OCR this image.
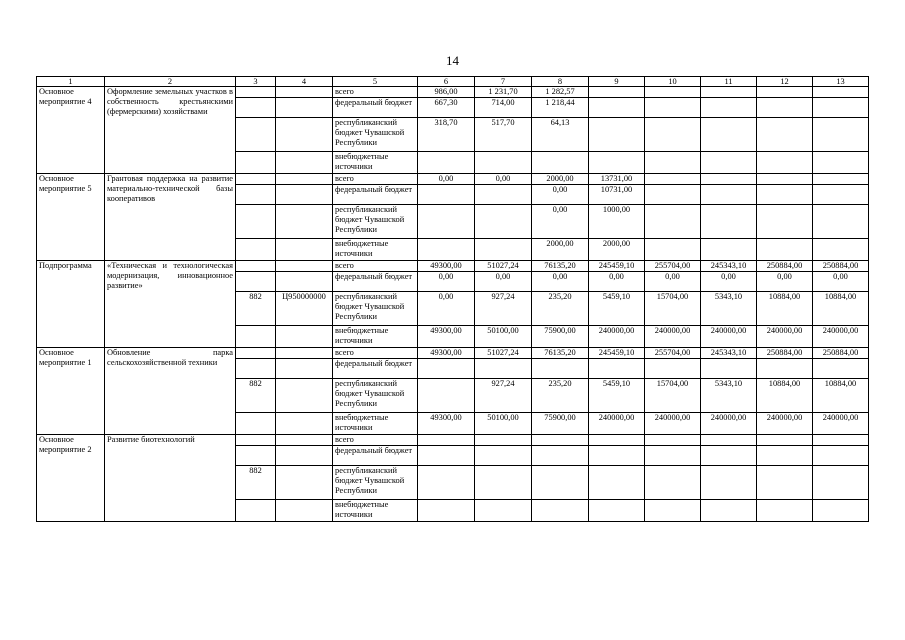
14
1	2	3	4	5	6	7	8	9	10	11	12	13
Основное мероприятие 4	Оформление земельных участков в собственность крестьянскими (фермерскими) хозяйствами			всего	986,00	1 231,70	1 282,57					
				федеральный бюджет	667,30	714,00	1 218,44					
				республиканский бюджет Чувашской Республики	318,70	517,70	64,13					
				внебюджетные источники								
Основное мероприятие 5	Грантовая поддержка на развитие материально-технической базы кооперативов			всего	0,00	0,00	2000,00	13731,00				
				федеральный бюджет			0,00	10731,00				
				республиканский бюджет Чувашской Республики			0,00	1000,00				
				внебюджетные источники			2000,00	2000,00				
Подпрограмма	«Техническая и технологическая модернизация, инновационное развитие»			всего	49300,00	51027,24	76135,20	245459,10	255704,00	245343,10	250884,00	250884,00
				федеральный бюджет	0,00	0,00	0,00	0,00	0,00	0,00	0,00	0,00
		882	Ц950000000	республиканский бюджет Чувашской Республики	0,00	927,24	235,20	5459,10	15704,00	5343,10	10884,00	10884,00
				внебюджетные источники	49300,00	50100,00	75900,00	240000,00	240000,00	240000,00	240000,00	240000,00
Основное мероприятие 1	Обновление парка сельскохозяйственной техники			всего	49300,00	51027,24	76135,20	245459,10	255704,00	245343,10	250884,00	250884,00
				федеральный бюджет								
		882		республиканский бюджет Чувашской Республики		927,24	235,20	5459,10	15704,00	5343,10	10884,00	10884,00
				внебюджетные источники	49300,00	50100,00	75900,00	240000,00	240000,00	240000,00	240000,00	240000,00
Основное мероприятие 2	Развитие биотехнологий			всего								
				федеральный бюджет								
		882		республиканский бюджет Чувашской Республики								
				внебюджетные источники								
